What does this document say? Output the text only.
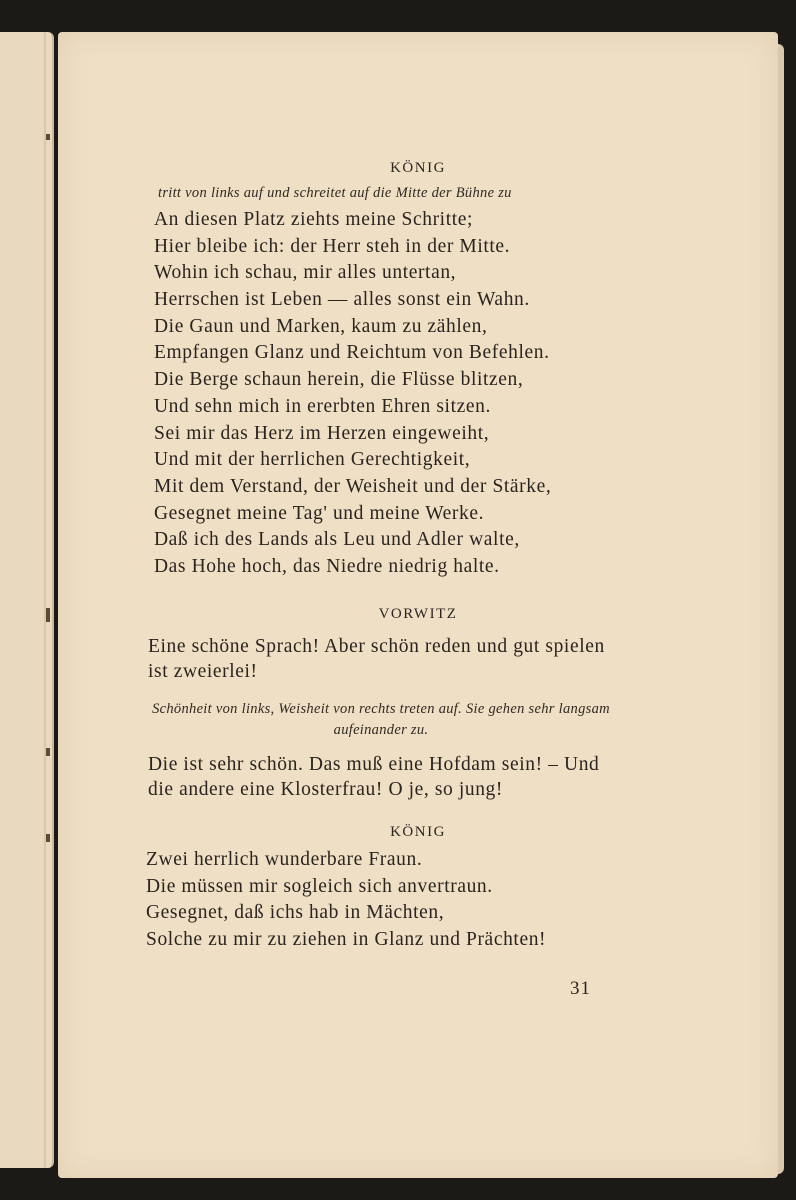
KÖNIG
tritt von links auf und schreitet auf die Mitte der Bühne zu
An diesen Platz ziehts meine Schritte;
Hier bleibe ich: der Herr steh in der Mitte.
Wohin ich schau, mir alles untertan,
Herrschen ist Leben — alles sonst ein Wahn.
Die Gaun und Marken, kaum zu zählen,
Empfangen Glanz und Reichtum von Befehlen.
Die Berge schaun herein, die Flüsse blitzen,
Und sehn mich in ererbten Ehren sitzen.
Sei mir das Herz im Herzen eingeweiht,
Und mit der herrlichen Gerechtigkeit,
Mit dem Verstand, der Weisheit und der Stärke,
Gesegnet meine Tag' und meine Werke.
Daß ich des Lands als Leu und Adler walte,
Das Hohe hoch, das Niedre niedrig halte.
VORWITZ
Eine schöne Sprach! Aber schön reden und gut spielen ist zweierlei!
Schönheit von links, Weisheit von rechts treten auf. Sie gehen sehr langsam aufeinander zu.
Die ist sehr schön. Das muß eine Hofdam sein! – Und die andere eine Klosterfrau! O je, so jung!
KÖNIG
Zwei herrlich wunderbare Fraun.
Die müssen mir sogleich sich anvertraun.
Gesegnet, daß ichs hab in Mächten,
Solche zu mir zu ziehen in Glanz und Prächten!
31
